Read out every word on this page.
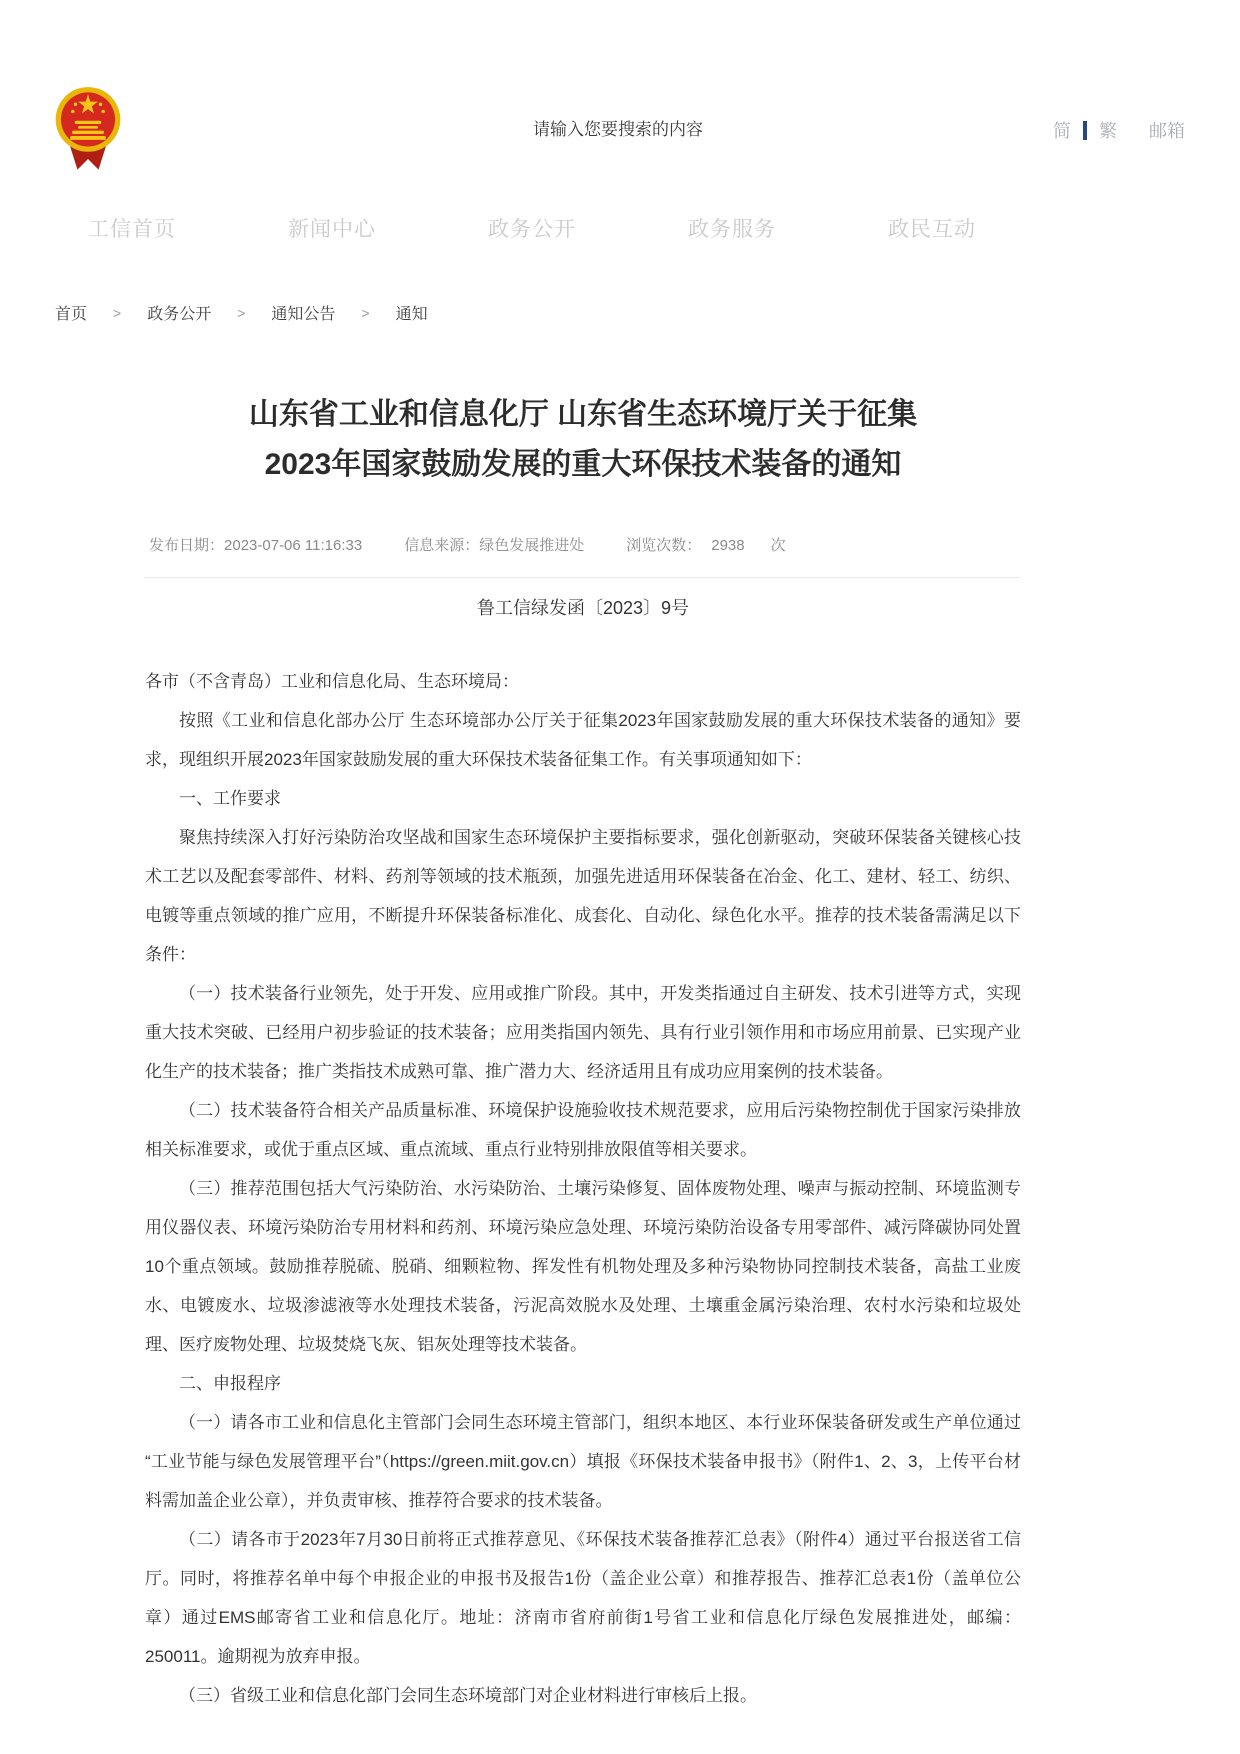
请输入您要搜索的内容
简 繁 邮箱
工信首页	新闻中心	政务公开	政务服务	政民互动
首页 > 政务公开 > 通知公告 > 通知
山东省工业和信息化厅 山东省生态环境厅关于征集
2023年国家鼓励发展的重大环保技术装备的通知
发布日期： 2023-07-06 11:16:33	信息来源： 绿色发展推进处	浏览次数： 2938 次
鲁工信绿发函〔2023〕9号

各市（不含青岛）工业和信息化局、生态环境局：

按照《工业和信息化部办公厅 生态环境部办公厅关于征集2023年国家鼓励发展的重大环保技术装备的通知》要求，现组织开展2023年国家鼓励发展的重大环保技术装备征集工作。有关事项通知如下：

一、工作要求

聚焦持续深入打好污染防治攻坚战和国家生态环境保护主要指标要求，强化创新驱动，突破环保装备关键核心技术工艺以及配套零部件、材料、药剂等领域的技术瓶颈，加强先进适用环保装备在冶金、化工、建材、轻工、纺织、电镀等重点领域的推广应用，不断提升环保装备标准化、成套化、自动化、绿色化水平。推荐的技术装备需满足以下条件：

（一）技术装备行业领先，处于开发、应用或推广阶段。其中，开发类指通过自主研发、技术引进等方式，实现重大技术突破、已经用户初步验证的技术装备；应用类指国内领先、具有行业引领作用和市场应用前景、已实现产业化生产的技术装备；推广类指技术成熟可靠、推广潜力大、经济适用且有成功应用案例的技术装备。

（二）技术装备符合相关产品质量标准、环境保护设施验收技术规范要求，应用后污染物控制优于国家污染排放相关标准要求，或优于重点区域、重点流域、重点行业特别排放限值等相关要求。

（三）推荐范围包括大气污染防治、水污染防治、土壤污染修复、固体废物处理、噪声与振动控制、环境监测专用仪器仪表、环境污染防治专用材料和药剂、环境污染应急处理、环境污染防治设备专用零部件、减污降碳协同处置10个重点领域。鼓励推荐脱硫、脱硝、细颗粒物、挥发性有机物处理及多种污染物协同控制技术装备，高盐工业废水、电镀废水、垃圾渗滤液等水处理技术装备，污泥高效脱水及处理、土壤重金属污染治理、农村水污染和垃圾处理、医疗废物处理、垃圾焚烧飞灰、铝灰处理等技术装备。

二、申报程序

（一）请各市工业和信息化主管部门会同生态环境主管部门，组织本地区、本行业环保装备研发或生产单位通过“工业节能与绿色发展管理平台”（https://green.miit.gov.cn）填报《环保技术装备申报书》（附件1、2、3，上传平台材料需加盖企业公章），并负责审核、推荐符合要求的技术装备。

（二）请各市于2023年7月30日前将正式推荐意见、《环保技术装备推荐汇总表》（附件4）通过平台报送省工信厅。同时，将推荐名单中每个申报企业的申报书及报告1份（盖企业公章）和推荐报告、推荐汇总表1份（盖单位公章）通过EMS邮寄省工业和信息化厅。地址：济南市省府前街1号省工业和信息化厅绿色发展推进处，邮编：250011。逾期视为放弃申报。

（三）省级工业和信息化部门会同生态环境部门对企业材料进行审核后上报。
